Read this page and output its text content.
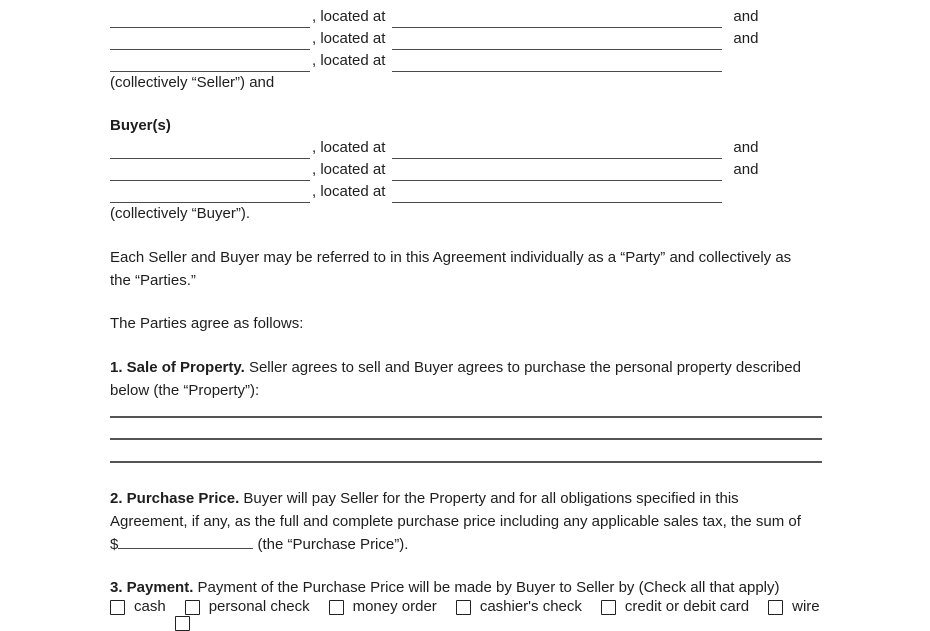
, located at	and
, located at	and
, located at
(collectively “Seller”) and
Buyer(s)
, located at	and
, located at	and
, located at
(collectively “Buyer”).
Each Seller and Buyer may be referred to in this Agreement individually as a “Party” and collectively as
the “Parties.”
The Parties agree as follows:
1. Sale of Property. Seller agrees to sell and Buyer agrees to purchase the personal property described
below (the “Property”):
2. Purchase Price. Buyer will pay Seller for the Property and for all obligations specified in this
Agreement, if any, as the full and complete purchase price including any applicable sales tax, the sum of
$	(the “Purchase Price”).
3. Payment. Payment of the Purchase Price will be made by Buyer to Seller by (Check all that apply)
cash	personal check	money order	cashier's check	credit or debit card	wire
